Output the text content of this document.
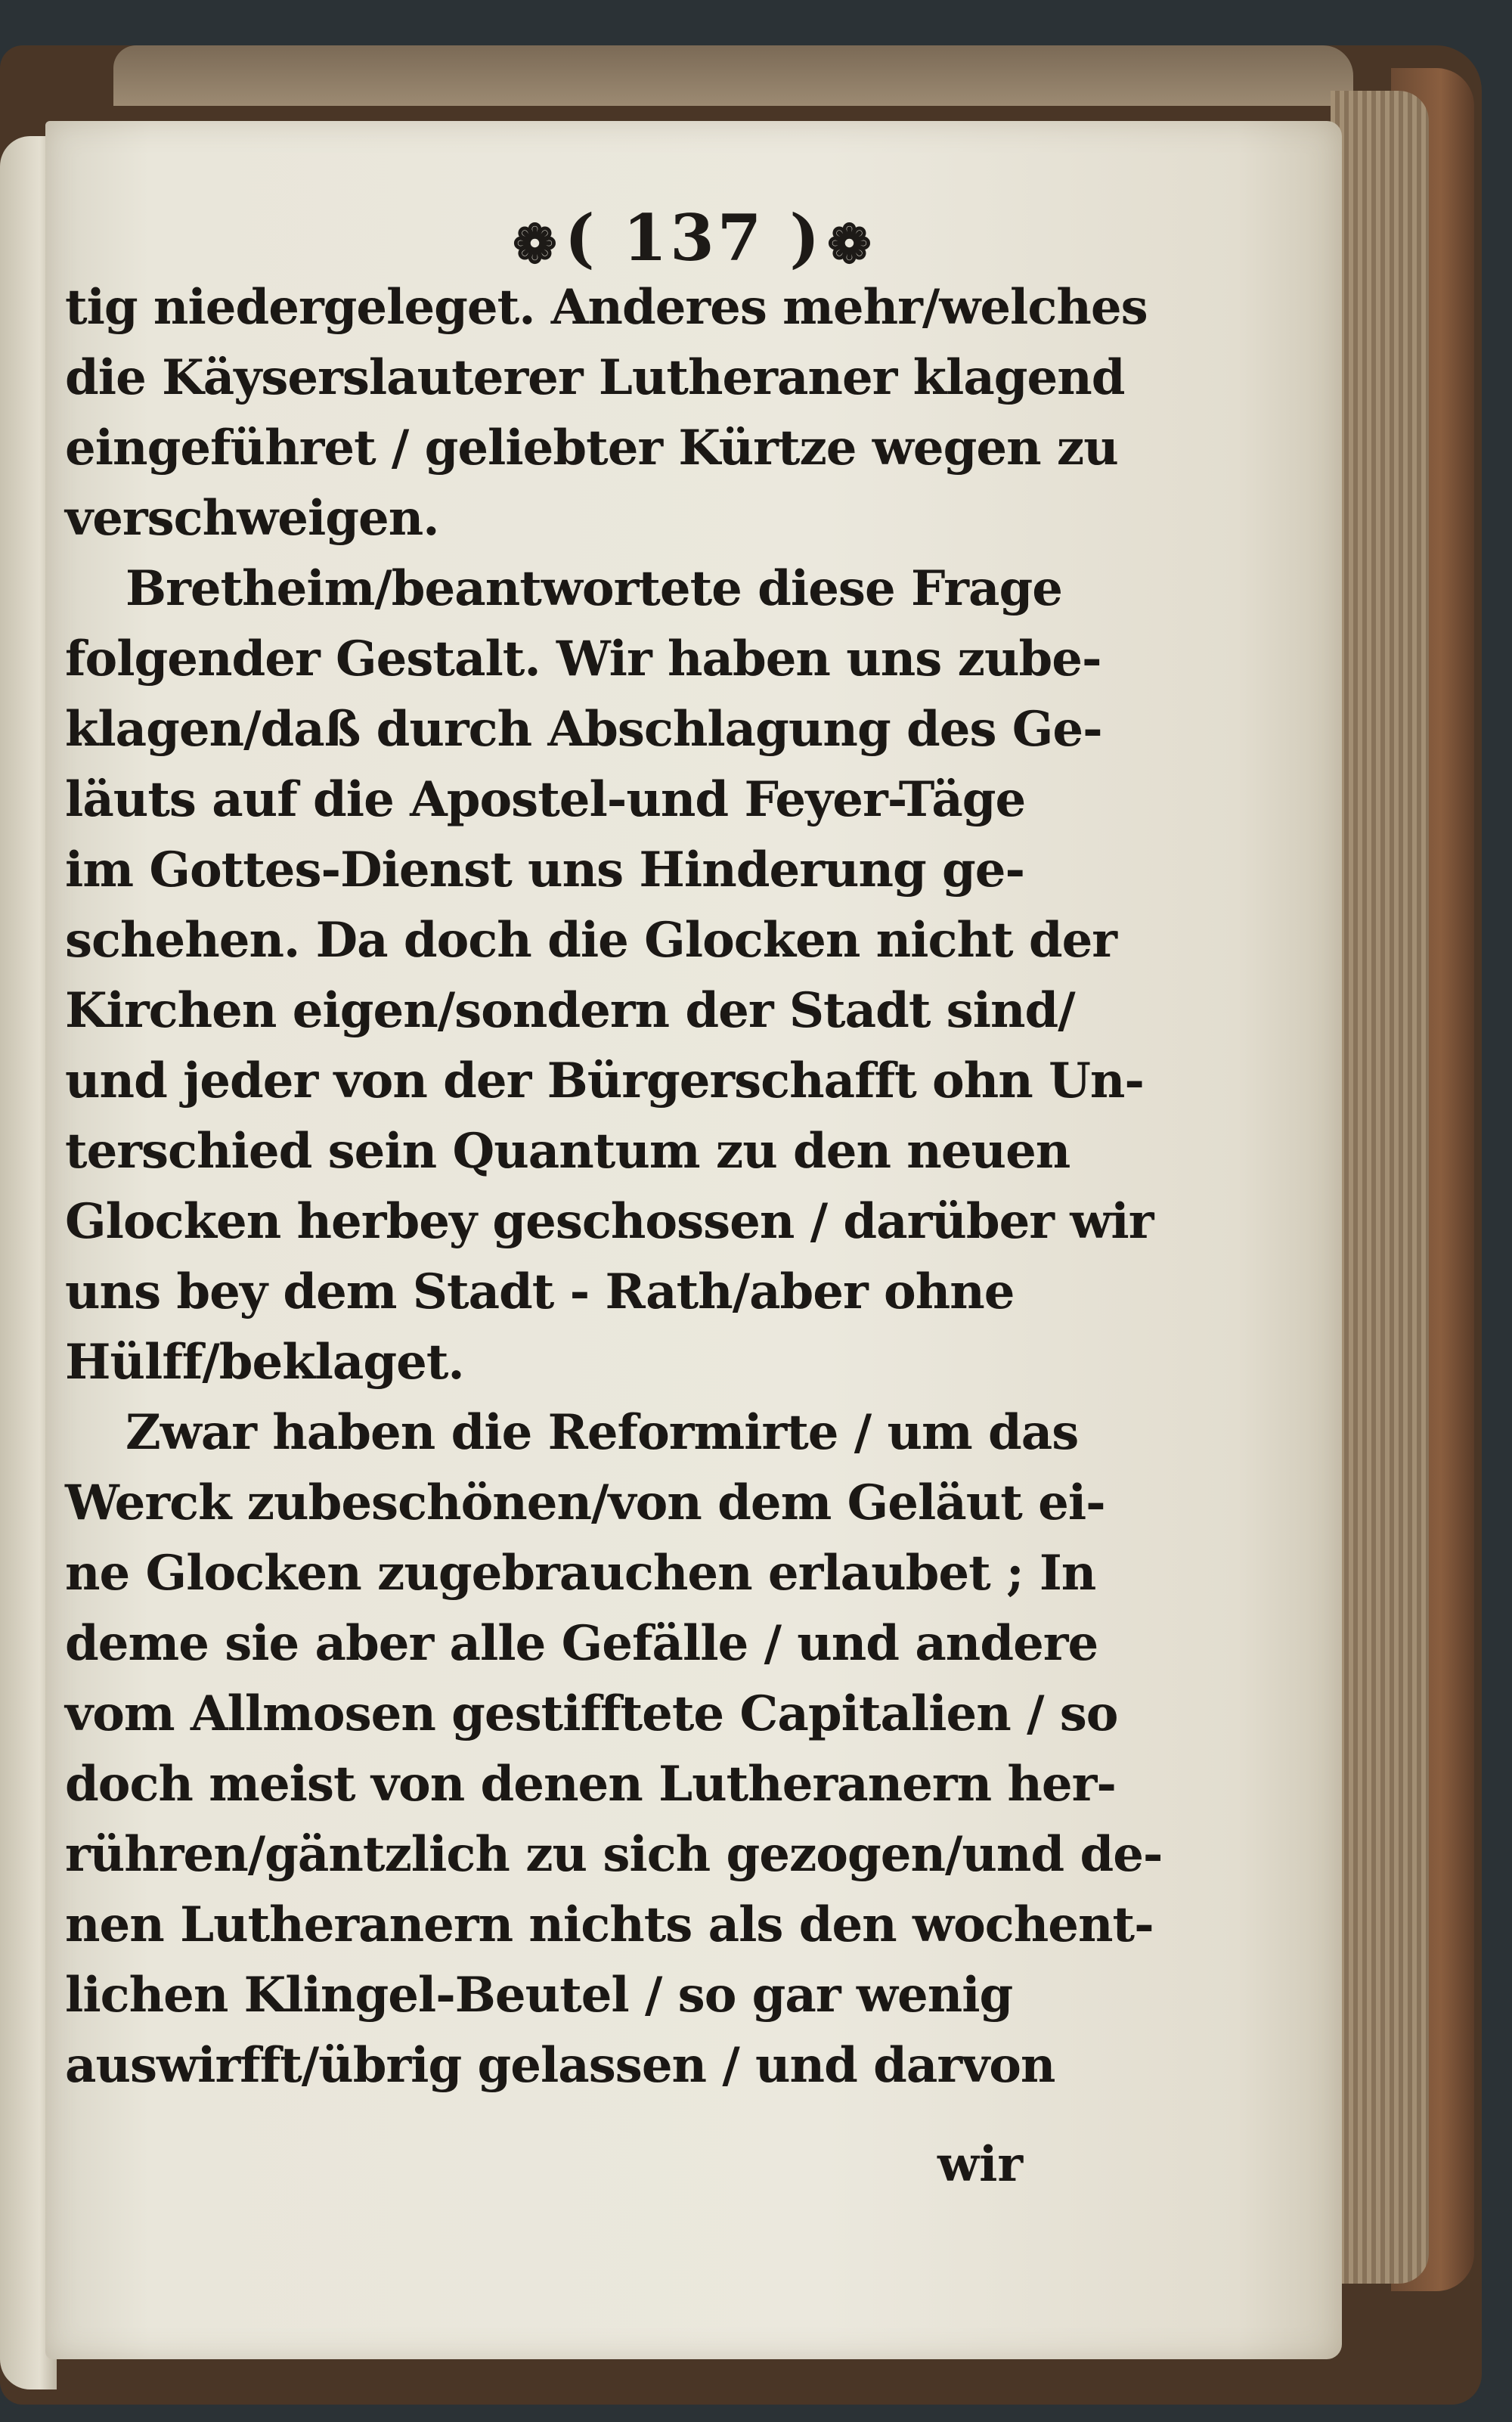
❁( 137 )❁
tig niedergeleget. Anderes mehr/welches
die Käyserslauterer Lutheraner klagend
eingeführet / geliebter Kürtze wegen zu
verschweigen.
Bretheim/beantwortete diese Frage
folgender Gestalt. Wir haben uns zube-
klagen/daß durch Abschlagung des Ge-
läuts auf die Apostel-und Feyer-Täge
im Gottes-Dienst uns Hinderung ge-
schehen. Da doch die Glocken nicht der
Kirchen eigen/sondern der Stadt sind/
und jeder von der Bürgerschafft ohn Un-
terschied sein Quantum zu den neuen
Glocken herbey geschossen / darüber wir
uns bey dem Stadt - Rath/aber ohne
Hülff/beklaget.
Zwar haben die Reformirte / um das
Werck zubeschönen/von dem Geläut ei-
ne Glocken zugebrauchen erlaubet ; In
deme sie aber alle Gefälle / und andere
vom Allmosen gestifftete Capitalien / so
doch meist von denen Lutheranern her-
rühren/gäntzlich zu sich gezogen/und de-
nen Lutheranern nichts als den wochent-
lichen Klingel-Beutel / so gar wenig
auswirfft/übrig gelassen / und darvon
wir
